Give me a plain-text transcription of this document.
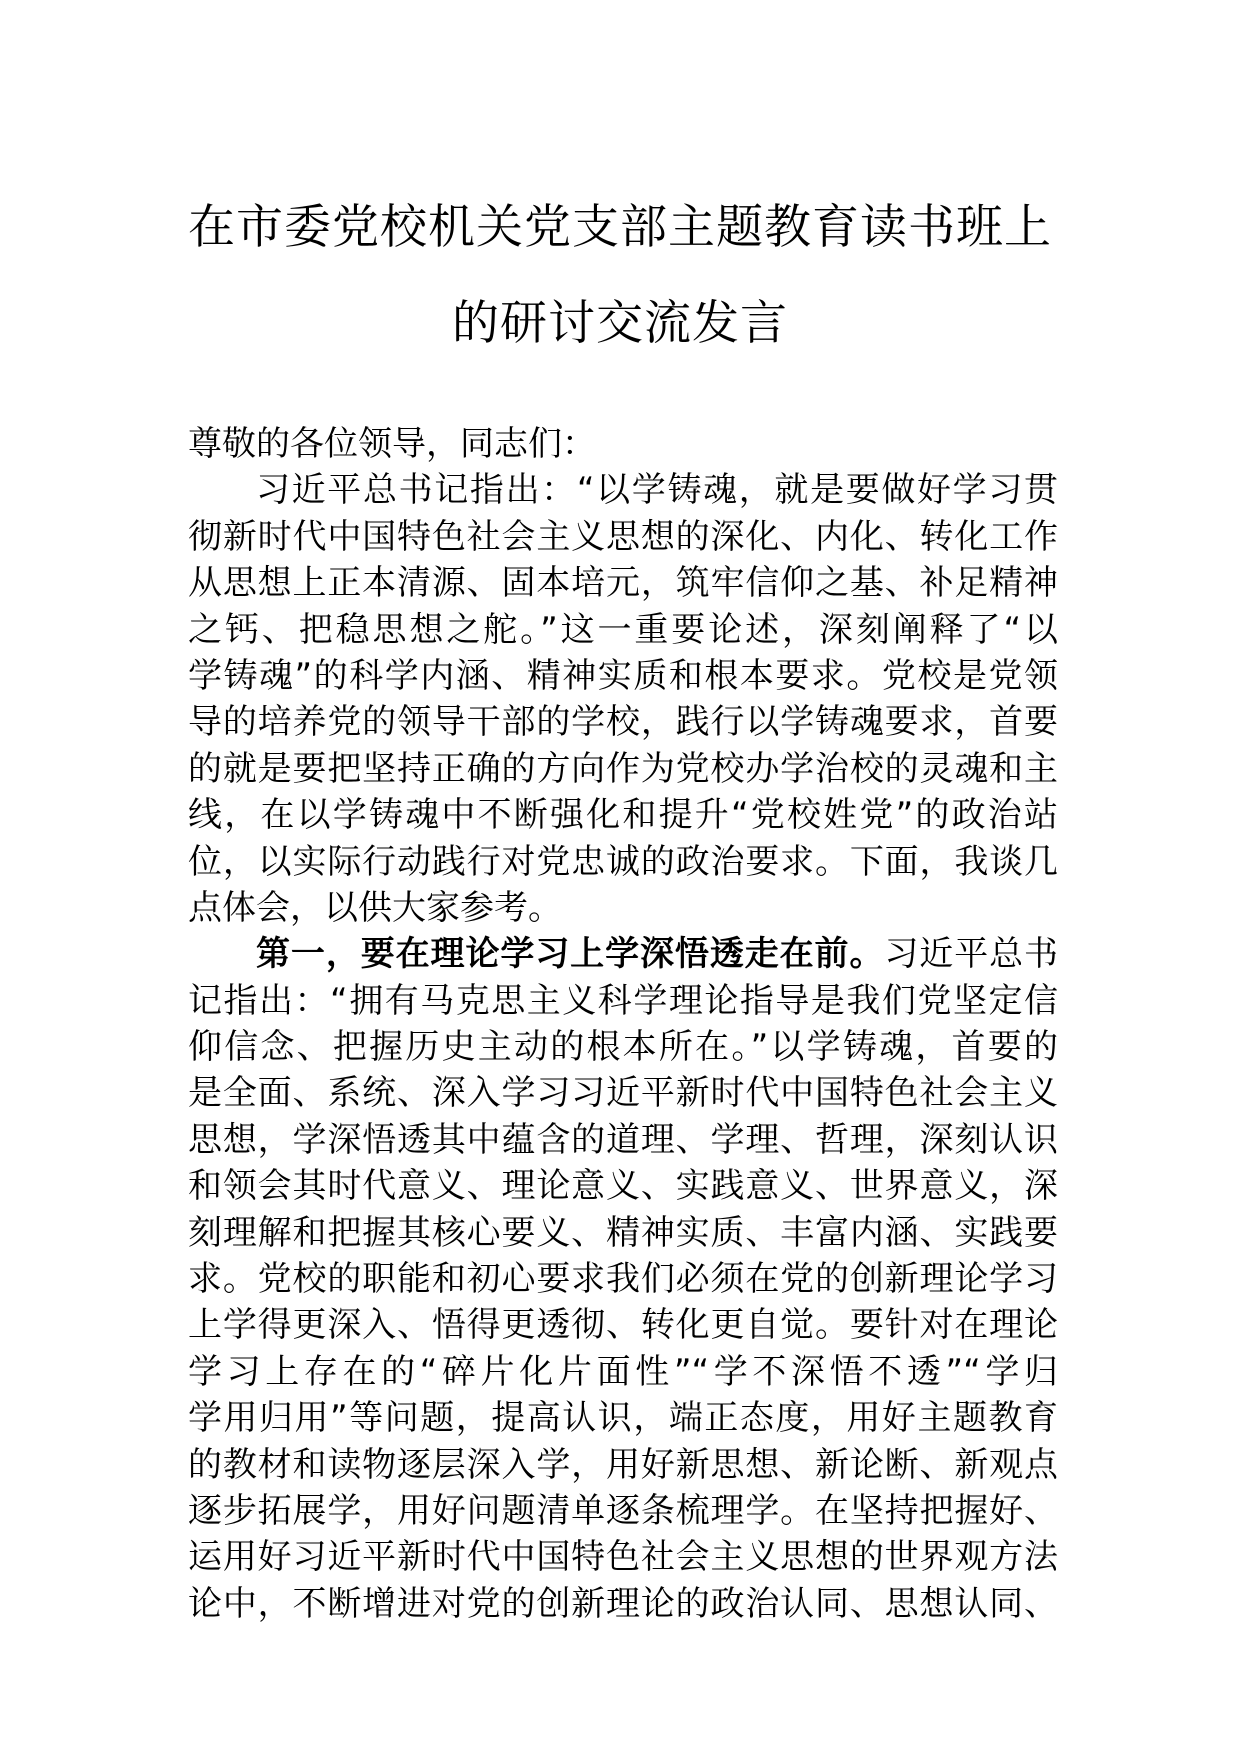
在市委党校机关党支部主题教育读书班上
的研讨交流发言
尊敬的各位领导，同志们：
习近平总书记指出：“以学铸魂，就是要做好学习贯
彻新时代中国特色社会主义思想的深化、内化、转化工作
从思想上正本清源、固本培元，筑牢信仰之基、补足精神
之钙、把稳思想之舵。”这一重要论述，深刻阐释了“以
学铸魂”的科学内涵、精神实质和根本要求。党校是党领
导的培养党的领导干部的学校，践行以学铸魂要求，首要
的就是要把坚持正确的方向作为党校办学治校的灵魂和主
线，在以学铸魂中不断强化和提升“党校姓党”的政治站
位，以实际行动践行对党忠诚的政治要求。下面，我谈几
点体会，以供大家参考。
第一，要在理论学习上学深悟透走在前。习近平总书
记指出：“拥有马克思主义科学理论指导是我们党坚定信
仰信念、把握历史主动的根本所在。”以学铸魂，首要的
是全面、系统、深入学习习近平新时代中国特色社会主义
思想，学深悟透其中蕴含的道理、学理、哲理，深刻认识
和领会其时代意义、理论意义、实践意义、世界意义，深
刻理解和把握其核心要义、精神实质、丰富内涵、实践要
求。党校的职能和初心要求我们必须在党的创新理论学习
上学得更深入、悟得更透彻、转化更自觉。要针对在理论
学习上存在的“碎片化片面性”“学不深悟不透”“学归
学用归用”等问题，提高认识，端正态度，用好主题教育
的教材和读物逐层深入学，用好新思想、新论断、新观点
逐步拓展学，用好问题清单逐条梳理学。在坚持把握好、
运用好习近平新时代中国特色社会主义思想的世界观方法
论中，不断增进对党的创新理论的政治认同、思想认同、
